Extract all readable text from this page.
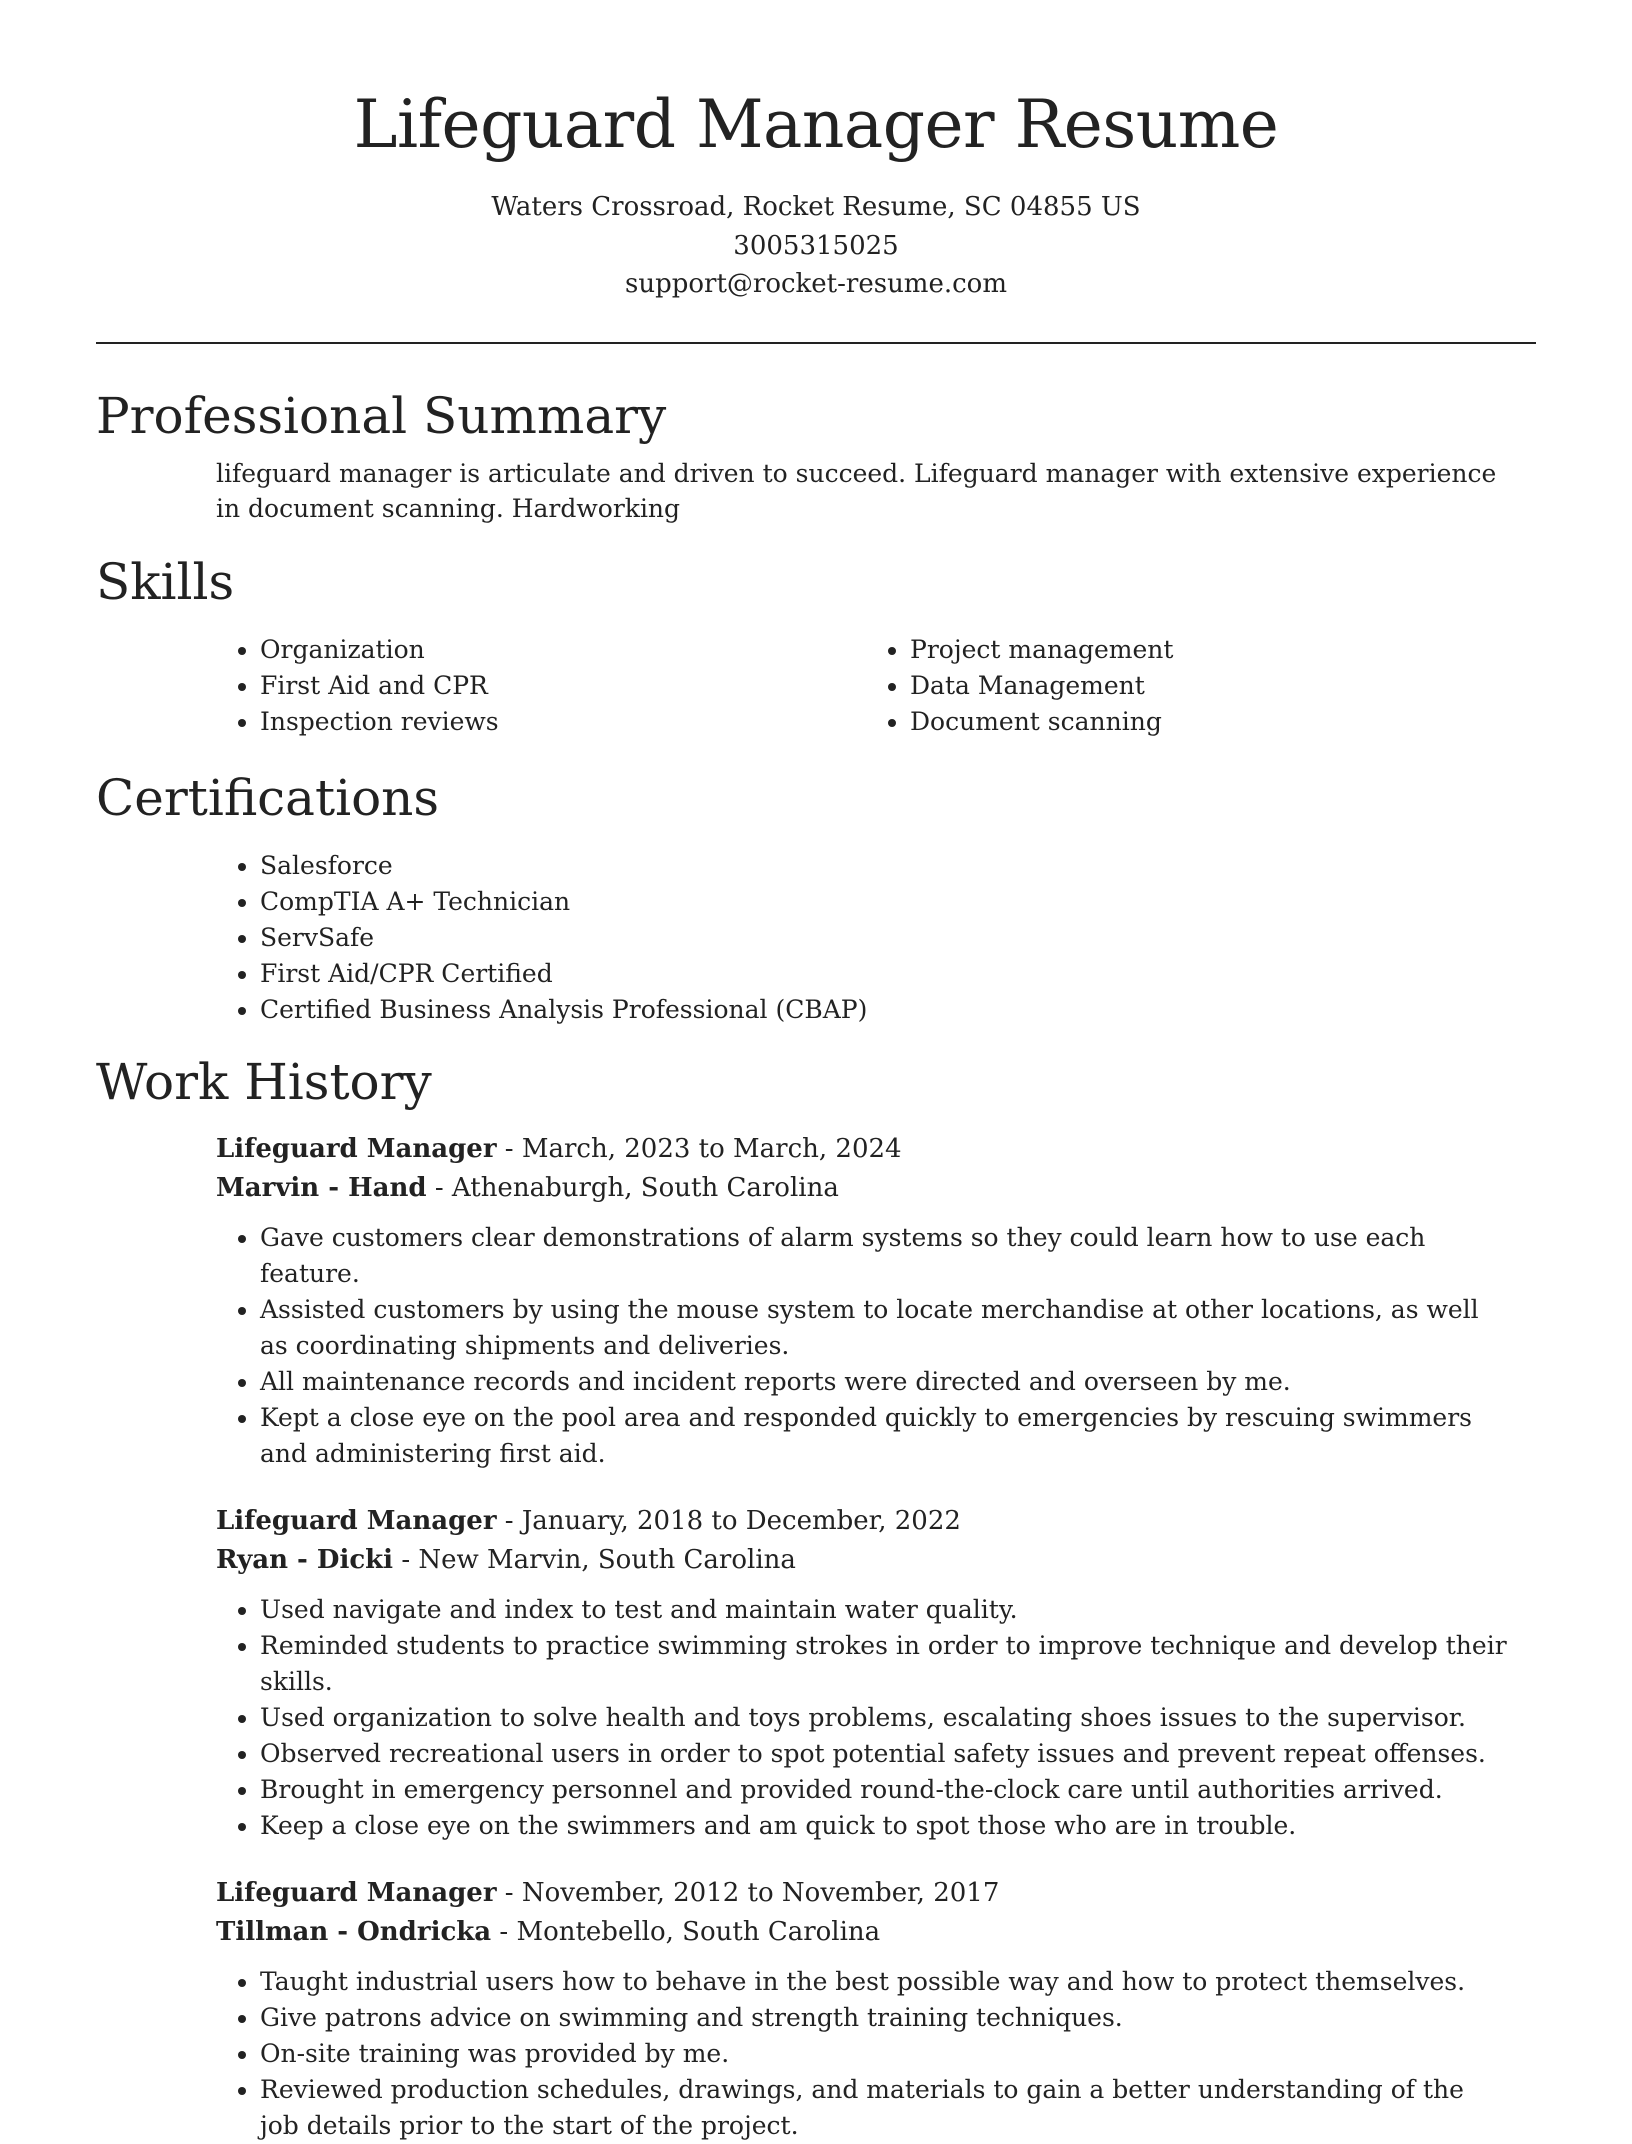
Lifeguard Manager Resume
Waters Crossroad, Rocket Resume, SC 04855 US
3005315025
support@rocket-resume.com
Professional Summary
lifeguard manager is articulate and driven to succeed. Lifeguard manager with extensive experience in document scanning. Hardworking
Skills
• Organization
• First Aid and CPR
• Inspection reviews
• Project management
• Data Management
• Document scanning
Certifications
• Salesforce
• CompTIA A+ Technician
• ServSafe
• First Aid/CPR Certified
• Certified Business Analysis Professional (CBAP)
Work History
Lifeguard Manager - March, 2023 to March, 2024
Marvin - Hand - Athenaburgh, South Carolina
• Gave customers clear demonstrations of alarm systems so they could learn how to use each feature.
• Assisted customers by using the mouse system to locate merchandise at other locations, as well as coordinating shipments and deliveries.
• All maintenance records and incident reports were directed and overseen by me.
• Kept a close eye on the pool area and responded quickly to emergencies by rescuing swimmers and administering first aid.
Lifeguard Manager - January, 2018 to December, 2022
Ryan - Dicki - New Marvin, South Carolina
• Used navigate and index to test and maintain water quality.
• Reminded students to practice swimming strokes in order to improve technique and develop their skills.
• Used organization to solve health and toys problems, escalating shoes issues to the supervisor.
• Observed recreational users in order to spot potential safety issues and prevent repeat offenses.
• Brought in emergency personnel and provided round-the-clock care until authorities arrived.
• Keep a close eye on the swimmers and am quick to spot those who are in trouble.
Lifeguard Manager - November, 2012 to November, 2017
Tillman - Ondricka - Montebello, South Carolina
• Taught industrial users how to behave in the best possible way and how to protect themselves.
• Give patrons advice on swimming and strength training techniques.
• On-site training was provided by me.
• Reviewed production schedules, drawings, and materials to gain a better understanding of the job details prior to the start of the project.
